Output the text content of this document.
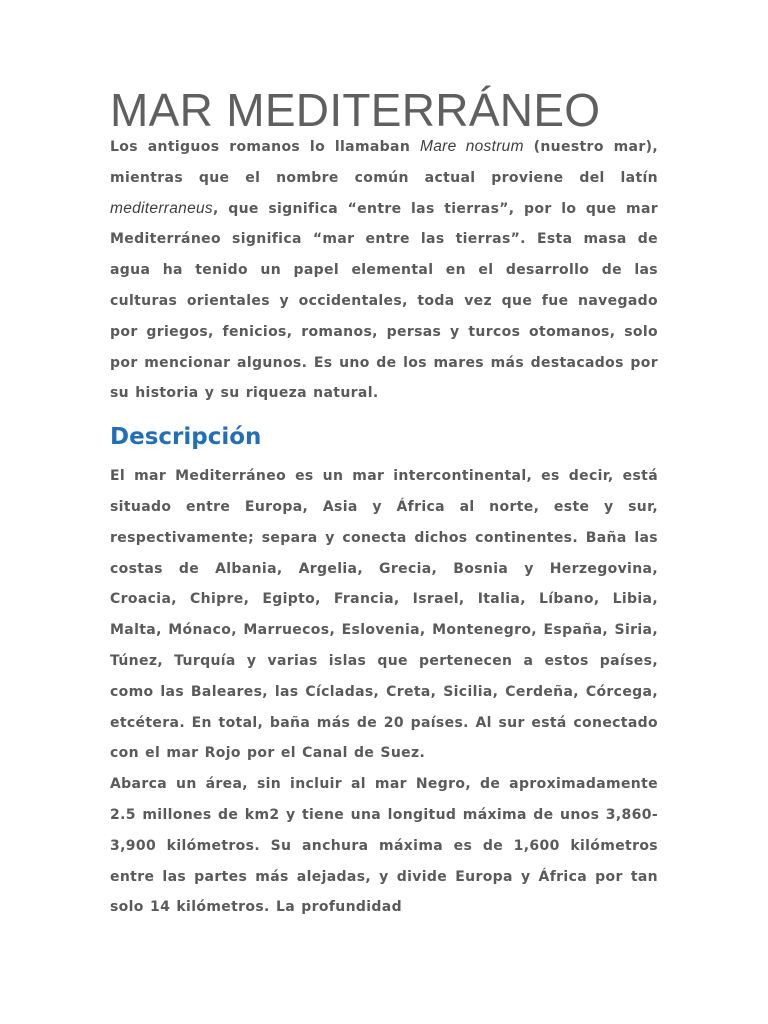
MAR MEDITERRÁNEO

Los antiguos romanos lo llamaban Mare nostrum (nuestro mar), mientras que el nombre común actual proviene del latín mediterraneus, que significa “entre las tierras”, por lo que mar Mediterráneo significa “mar entre las tierras”. Esta masa de agua ha tenido un papel elemental en el desarrollo de las culturas orientales y occidentales, toda vez que fue navegado por griegos, fenicios, romanos, persas y turcos otomanos, solo por mencionar algunos. Es uno de los mares más destacados por su historia y su riqueza natural.

Descripción

El mar Mediterráneo es un mar intercontinental, es decir, está situado entre Europa, Asia y África al norte, este y sur, respectivamente; separa y conecta dichos continentes. Baña las costas de Albania, Argelia, Grecia, Bosnia y Herzegovina, Croacia, Chipre, Egipto, Francia, Israel, Italia, Líbano, Libia, Malta, Mónaco, Marruecos, Eslovenia, Montenegro, España, Siria, Túnez, Turquía y varias islas que pertenecen a estos países, como las Baleares, las Cícladas, Creta, Sicilia, Cerdeña, Córcega, etcétera. En total, baña más de 20 países. Al sur está conectado con el mar Rojo por el Canal de Suez.

Abarca un área, sin incluir al mar Negro, de aproximadamente 2.5 millones de km2 y tiene una longitud máxima de unos 3,860-3,900 kilómetros. Su anchura máxima es de 1,600 kilómetros entre las partes más alejadas, y divide Europa y África por tan solo 14 kilómetros. La profundidad
